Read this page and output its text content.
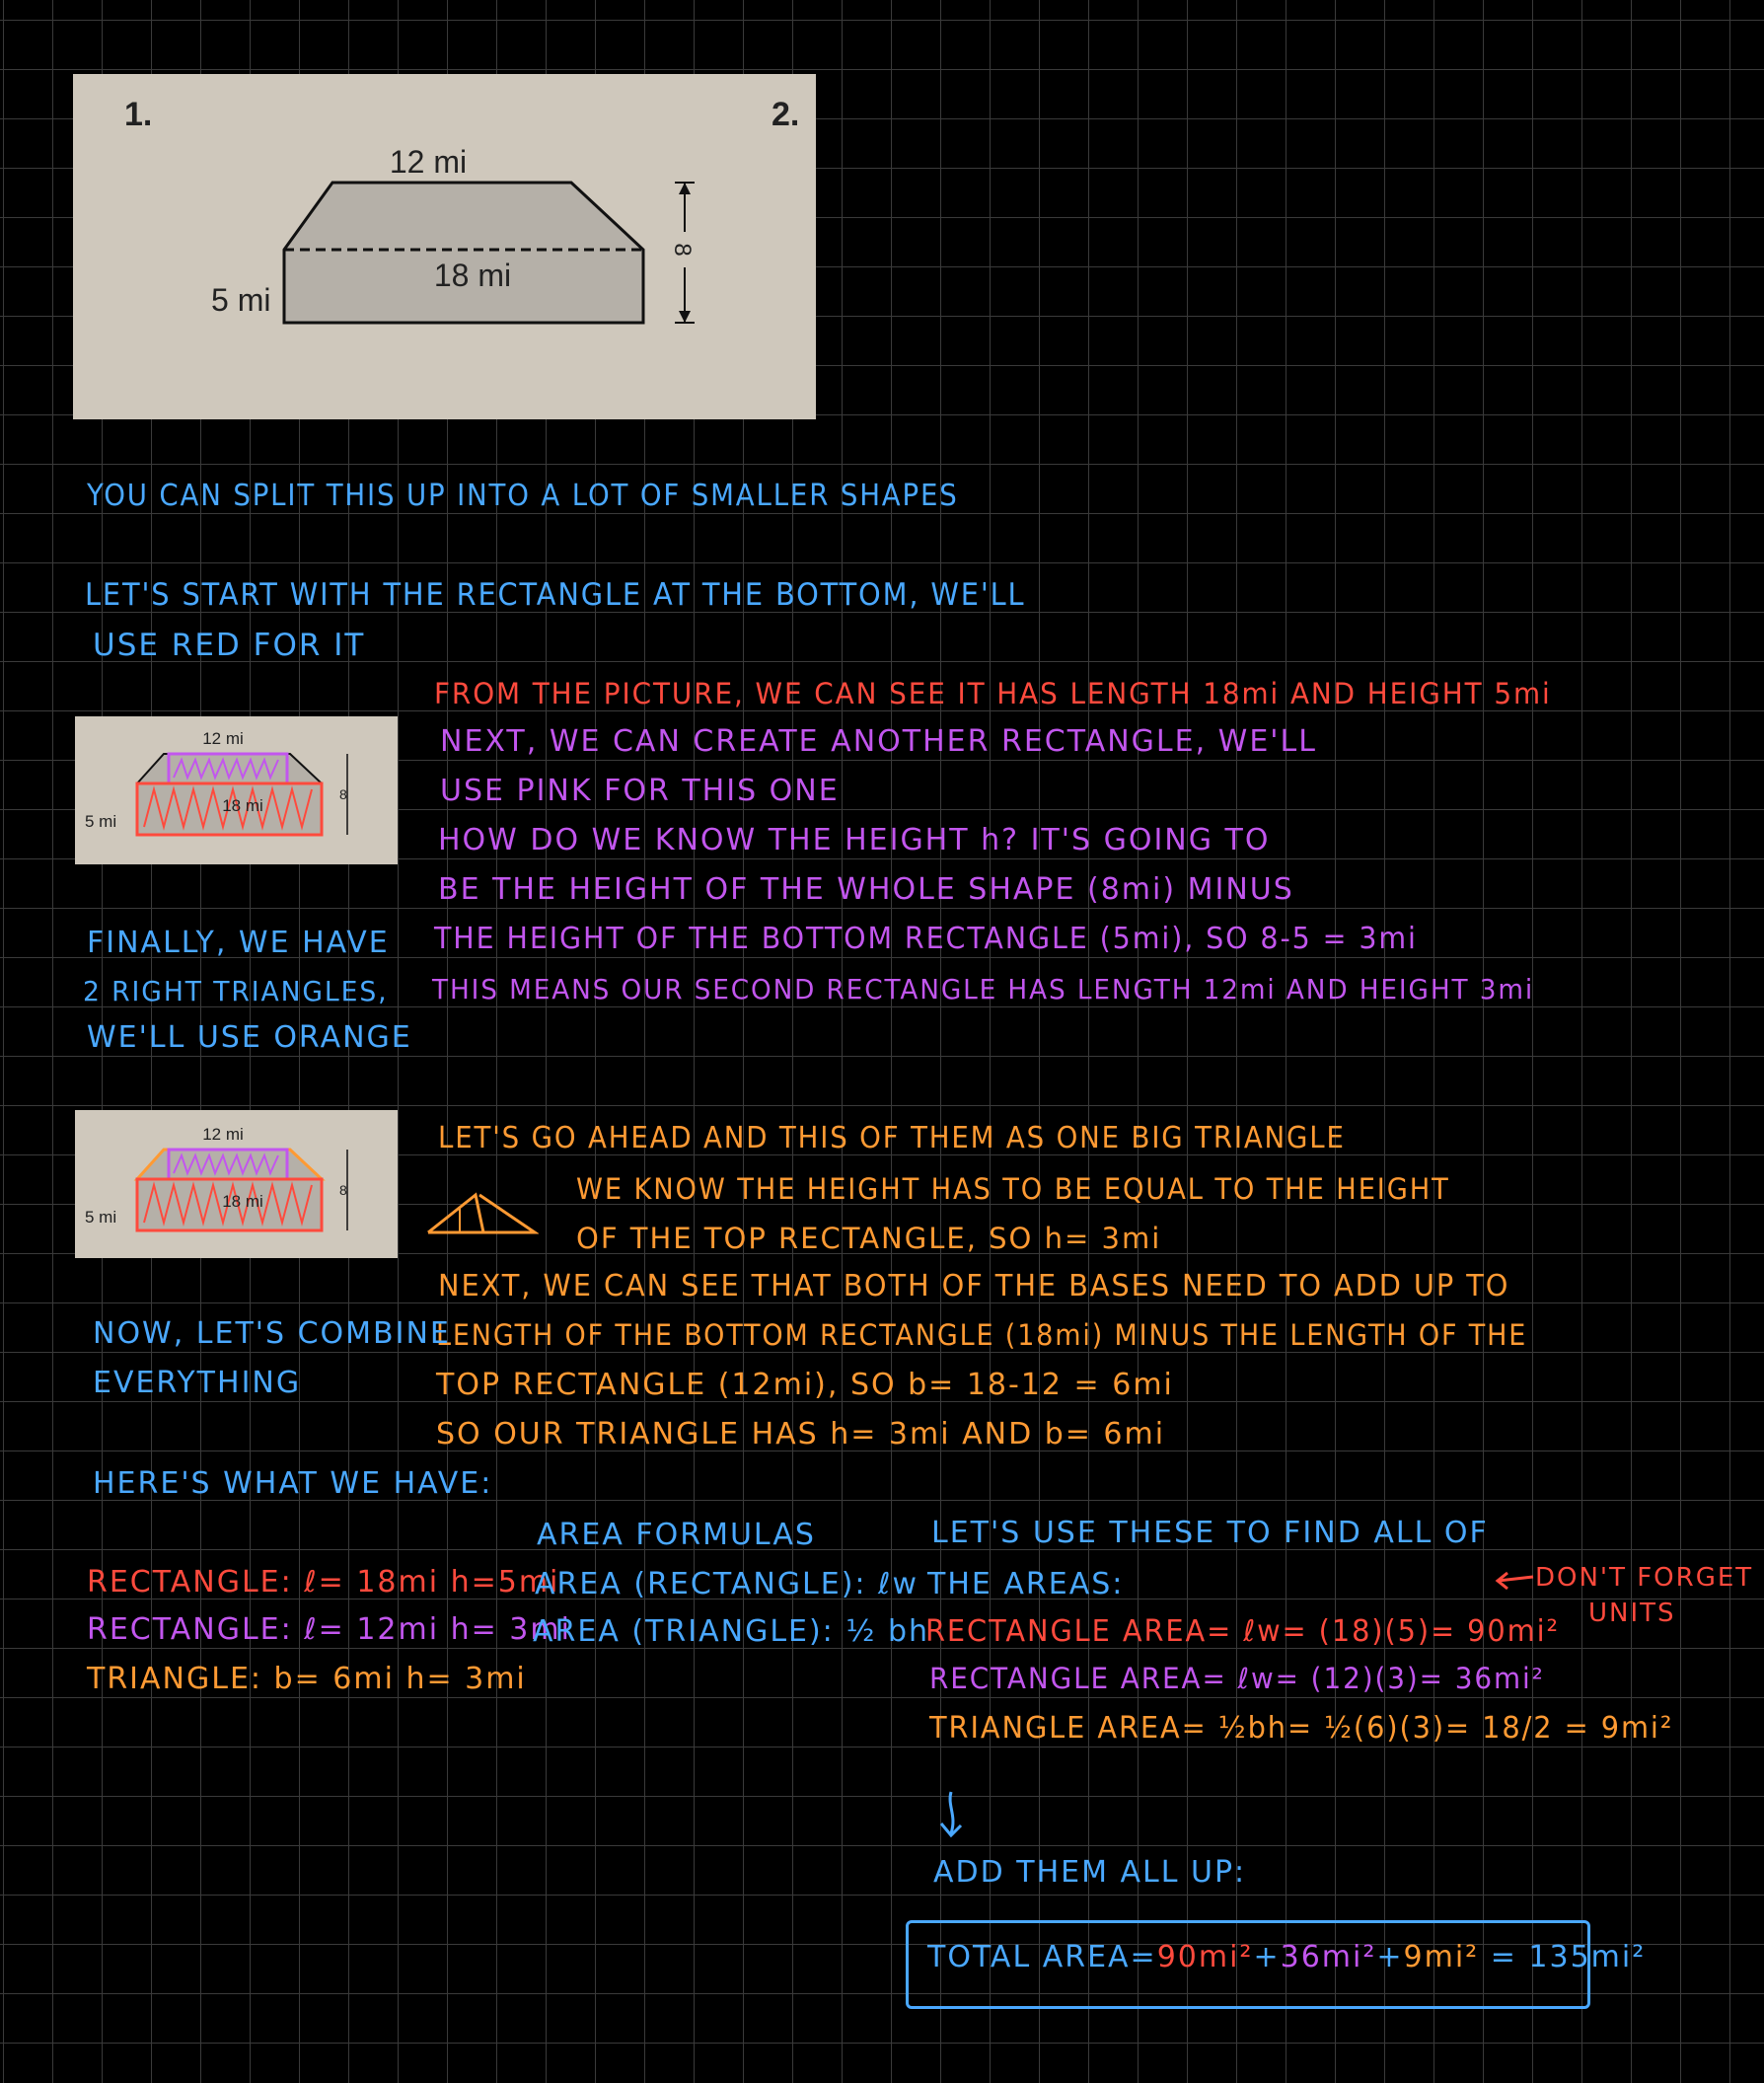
1.	2.
8
12 mi
18 mi
5 mi
12 mi
18 mi
5 mi
8
12 mi
18 mi
5 mi
8

YOU CAN SPLIT THIS UP INTO A LOT OF SMALLER SHAPES

LET'S START WITH THE RECTANGLE AT THE BOTTOM, WE'LL

USE RED FOR IT

FROM THE PICTURE, WE CAN SEE IT HAS LENGTH 18mi AND HEIGHT 5mi

NEXT, WE CAN CREATE ANOTHER RECTANGLE, WE'LL

USE PINK FOR THIS ONE

HOW DO WE KNOW THE HEIGHT h? IT'S GOING TO

BE THE HEIGHT OF THE WHOLE SHAPE (8mi) MINUS

THE HEIGHT OF THE BOTTOM RECTANGLE (5mi), SO 8-5 = 3mi

THIS MEANS OUR SECOND RECTANGLE HAS LENGTH 12mi AND HEIGHT 3mi

FINALLY, WE HAVE

2 RIGHT TRIANGLES,

WE'LL USE ORANGE

LET'S GO AHEAD AND THIS OF THEM AS ONE BIG TRIANGLE

WE KNOW THE HEIGHT HAS TO BE EQUAL TO THE HEIGHT

OF THE TOP RECTANGLE, SO h= 3mi

NEXT, WE CAN SEE THAT BOTH OF THE BASES NEED TO ADD UP TO

LENGTH OF THE BOTTOM RECTANGLE (18mi) MINUS THE LENGTH OF THE

TOP RECTANGLE (12mi), SO b= 18-12 = 6mi

SO OUR TRIANGLE HAS h= 3mi AND b= 6mi

NOW, LET'S COMBINE

EVERYTHING

HERE'S WHAT WE HAVE:

RECTANGLE: ℓ= 18mi h=5mi

RECTANGLE: ℓ= 12mi h= 3mi

TRIANGLE: b= 6mi h= 3mi

AREA FORMULAS

AREA (RECTANGLE): ℓw

AREA (TRIANGLE): ½ bh

LET'S USE THESE TO FIND ALL OF

THE AREAS:

RECTANGLE AREA= ℓw= (18)(5)= 90mi²

RECTANGLE AREA= ℓw= (12)(3)= 36mi²

TRIANGLE AREA= ½bh= ½(6)(3)= 18/2 = 9mi²

DON'T FORGET

UNITS

ADD THEM ALL UP:

TOTAL AREA=90mi²+36mi²+9mi² = 135mi²
